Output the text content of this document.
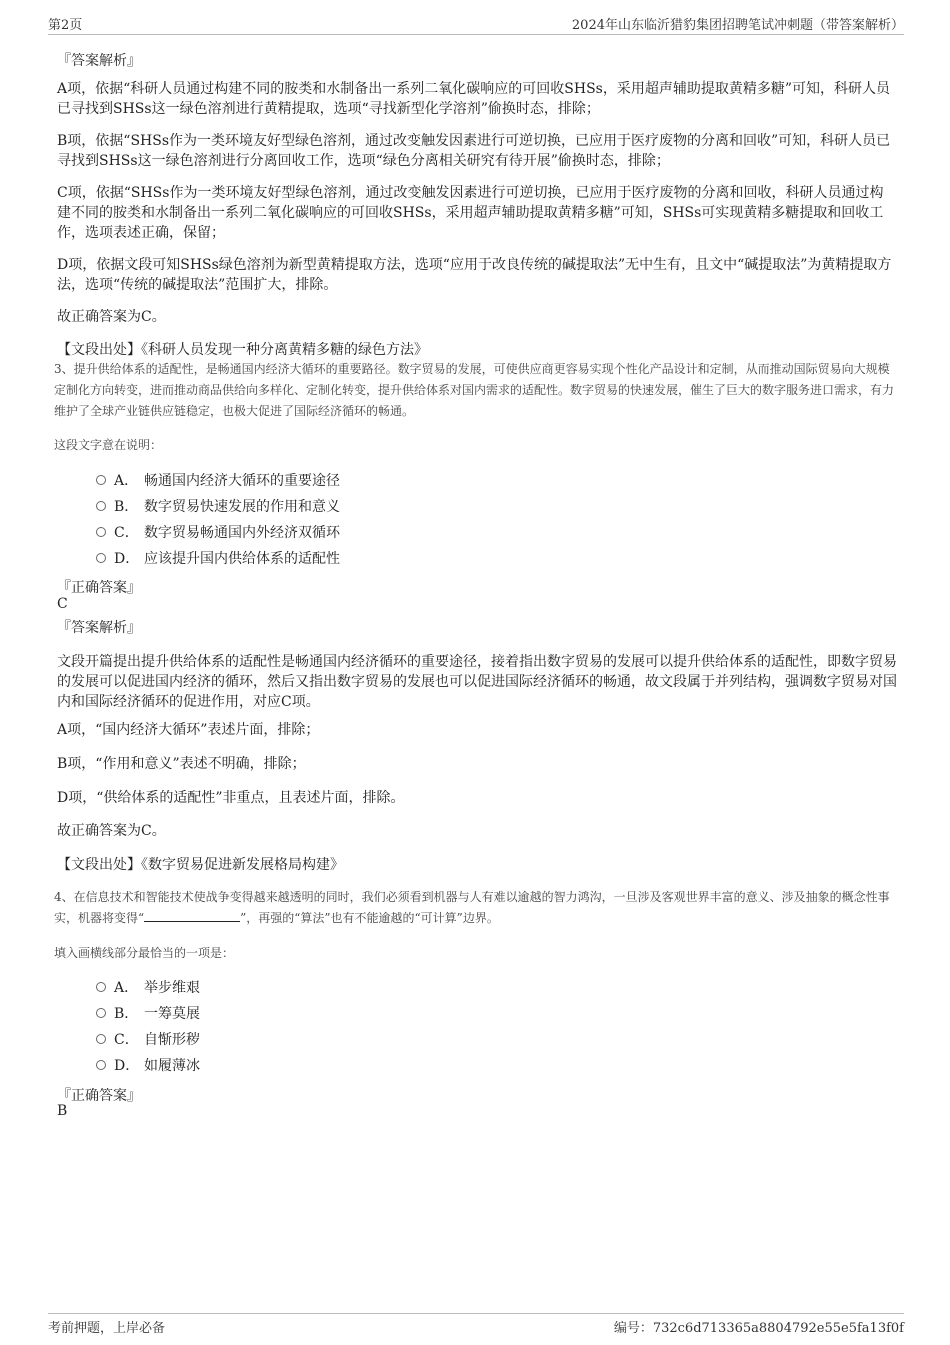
第2页	2024年山东临沂猎豹集团招聘笔试冲刺题（带答案解析）
『答案解析』
A项，依据“科研人员通过构建不同的胺类和水制备出一系列二氧化碳响应的可回收SHSs，采用超声辅助提取黄精多糖”可知，科研人员已寻找到SHSs这一绿色溶剂进行黄精提取，选项“寻找新型化学溶剂”偷换时态，排除；
B项，依据“SHSs作为一类环境友好型绿色溶剂，通过改变触发因素进行可逆切换，已应用于医疗废物的分离和回收”可知，科研人员已寻找到SHSs这一绿色溶剂进行分离回收工作，选项“绿色分离相关研究有待开展”偷换时态，排除；
C项，依据“SHSs作为一类环境友好型绿色溶剂，通过改变触发因素进行可逆切换，已应用于医疗废物的分离和回收，科研人员通过构建不同的胺类和水制备出一系列二氧化碳响应的可回收SHSs，采用超声辅助提取黄精多糖”可知，SHSs可实现黄精多糖提取和回收工作，选项表述正确，保留；
D项，依据文段可知SHSs绿色溶剂为新型黄精提取方法，选项“应用于改良传统的碱提取法”无中生有，且文中“碱提取法”为黄精提取方法，选项“传统的碱提取法”范围扩大，排除。
故正确答案为C。
【文段出处】《科研人员发现一种分离黄精多糖的绿色方法》
3、提升供给体系的适配性，是畅通国内经济大循环的重要路径。数字贸易的发展，可使供应商更容易实现个性化产品设计和定制，从而推动国际贸易向大规模定制化方向转变，进而推动商品供给向多样化、定制化转变，提升供给体系对国内需求的适配性。数字贸易的快速发展，催生了巨大的数字服务进口需求，有力维护了全球产业链供应链稳定，也极大促进了国际经济循环的畅通。
这段文字意在说明：
A． 畅通国内经济大循环的重要途径
B． 数字贸易快速发展的作用和意义
C． 数字贸易畅通国内外经济双循环
D． 应该提升国内供给体系的适配性
『正确答案』
C
『答案解析』
文段开篇提出提升供给体系的适配性是畅通国内经济循环的重要途径，接着指出数字贸易的发展可以提升供给体系的适配性，即数字贸易的发展可以促进国内经济的循环，然后又指出数字贸易的发展也可以促进国际经济循环的畅通，故文段属于并列结构，强调数字贸易对国内和国际经济循环的促进作用，对应C项。
A项，“国内经济大循环”表述片面，排除；
B项，“作用和意义”表述不明确，排除；
D项，“供给体系的适配性”非重点，且表述片面，排除。
故正确答案为C。
【文段出处】《数字贸易促进新发展格局构建》
4、在信息技术和智能技术使战争变得越来越透明的同时，我们必须看到机器与人有难以逾越的智力鸿沟，一旦涉及客观世界丰富的意义、涉及抽象的概念性事实，机器将变得“	”，再强的“算法”也有不能逾越的“可计算”边界。
填入画横线部分最恰当的一项是：
A． 举步维艰
B． 一筹莫展
C． 自惭形秽
D． 如履薄冰
『正确答案』
B
考前押题，上岸必备	编号：732c6d713365a8804792e55e5fa13f0f
